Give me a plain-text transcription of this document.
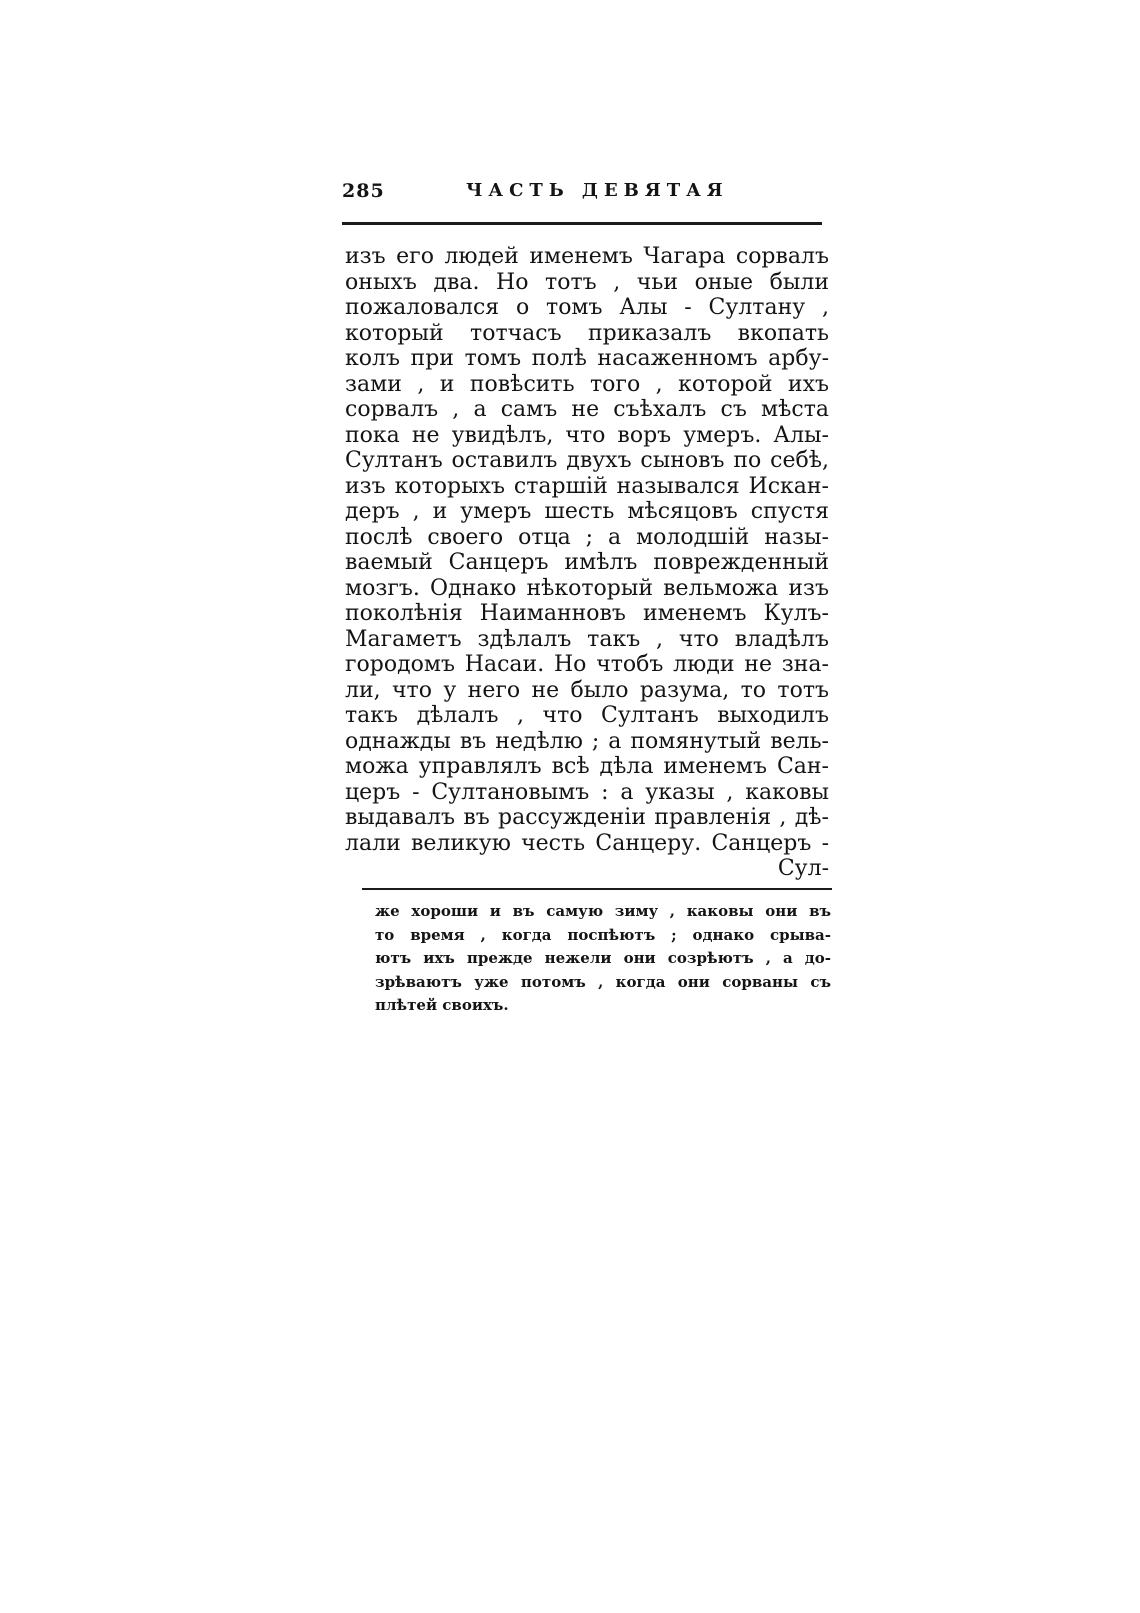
285	ЧАСТЬ ДЕВЯТАЯ
изъ его людей именемъ Чагара сорвалъ
оныхъ два. Но тотъ , чьи оные были
пожаловался о томъ Алы - Султану ,
который тотчасъ приказалъ вкопать
колъ при томъ полѣ насаженномъ арбу-
зами , и повѣсить того , которой ихъ
сорвалъ , а самъ не съѣхалъ съ мѣста
пока не увидѣлъ, что воръ умеръ. Алы-
Султанъ оставилъ двухъ сыновъ по себѣ,
изъ которыхъ старшій назывался Искан-
деръ , и умеръ шесть мѣсяцовъ спустя
послѣ своего отца ; а молодшій назы-
ваемый Санцеръ имѣлъ поврежденный
мозгъ. Однако нѣкоторый вельможа изъ
поколѣнія Наиманновъ именемъ Кулъ-
Магаметъ здѣлалъ такъ , что владѣлъ
городомъ Насаи. Но чтобъ люди не зна-
ли, что у него не было разума, то тотъ
такъ дѣлалъ , что Султанъ выходилъ
однажды въ недѣлю ; а помянутый вель-
можа управлялъ всѣ дѣла именемъ Сан-
церъ - Султановымъ : а указы , каковы
выдавалъ въ рассужденіи правленія , дѣ-
лали великую честь Санцеру. Санцеръ -
Сул-
же хороши и въ самую зиму , каковы они въ
то время , когда поспѣютъ ; однако срыва-
ютъ ихъ прежде нежели они созрѣютъ , а до-
зрѣваютъ уже потомъ , когда они сорваны съ
плѣтей своихъ.
